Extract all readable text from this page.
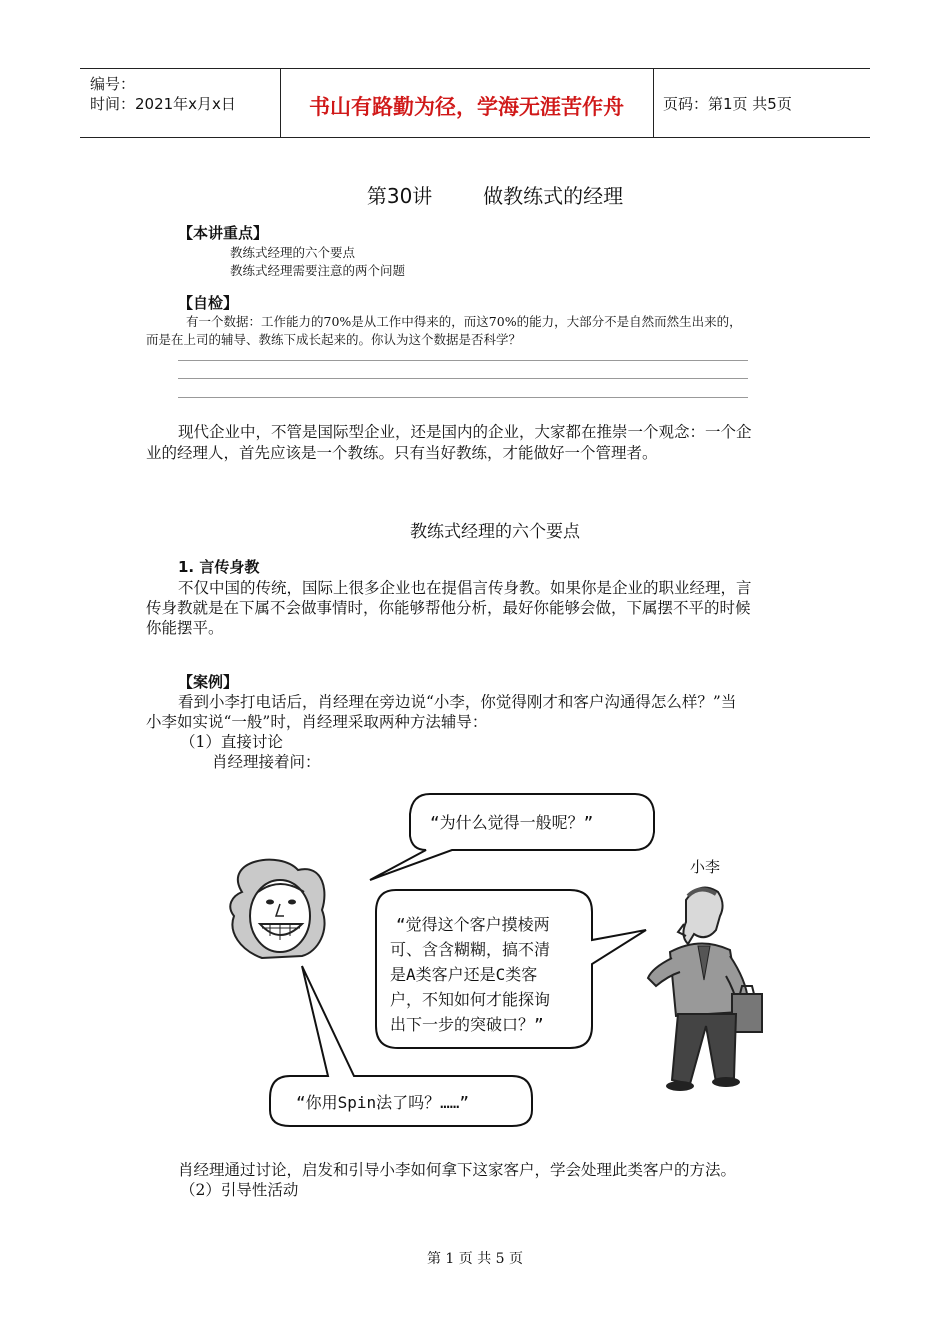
编号：
时间：2021年x月x日	书山有路勤为径，学海无涯苦作舟	页码：第1页 共5页
第30讲        做教练式的经理
【本讲重点】
教练式经理的六个要点
教练式经理需要注意的两个问题
【自检】
有一个数据：工作能力的70%是从工作中得来的，而这70%的能力，大部分不是自然而然生出来的，
而是在上司的辅导、教练下成长起来的。你认为这个数据是否科学？
现代企业中，不管是国际型企业，还是国内的企业，大家都在推崇一个观念：一个企
业的经理人，首先应该是一个教练。只有当好教练，才能做好一个管理者。
教练式经理的六个要点
1. 言传身教
不仅中国的传统，国际上很多企业也在提倡言传身教。如果你是企业的职业经理，言
传身教就是在下属不会做事情时，你能够帮他分析，最好你能够会做，下属摆不平的时候
你能摆平。
【案例】
看到小李打电话后，肖经理在旁边说“小李，你觉得刚才和客户沟通得怎么样？”当
小李如实说“一般”时，肖经理采取两种方法辅导：
（1）直接讨论
肖经理接着问：
“为什么觉得一般呢？”
小李
“觉得这个客户摸棱两
可、含含糊糊，搞不清
是A类客户还是C类客
户，不知如何才能探询
出下一步的突破口？”
“你用Spin法了吗？……”
肖经理通过讨论，启发和引导小李如何拿下这家客户，学会处理此类客户的方法。
（2）引导性活动
第 1 页 共 5 页
